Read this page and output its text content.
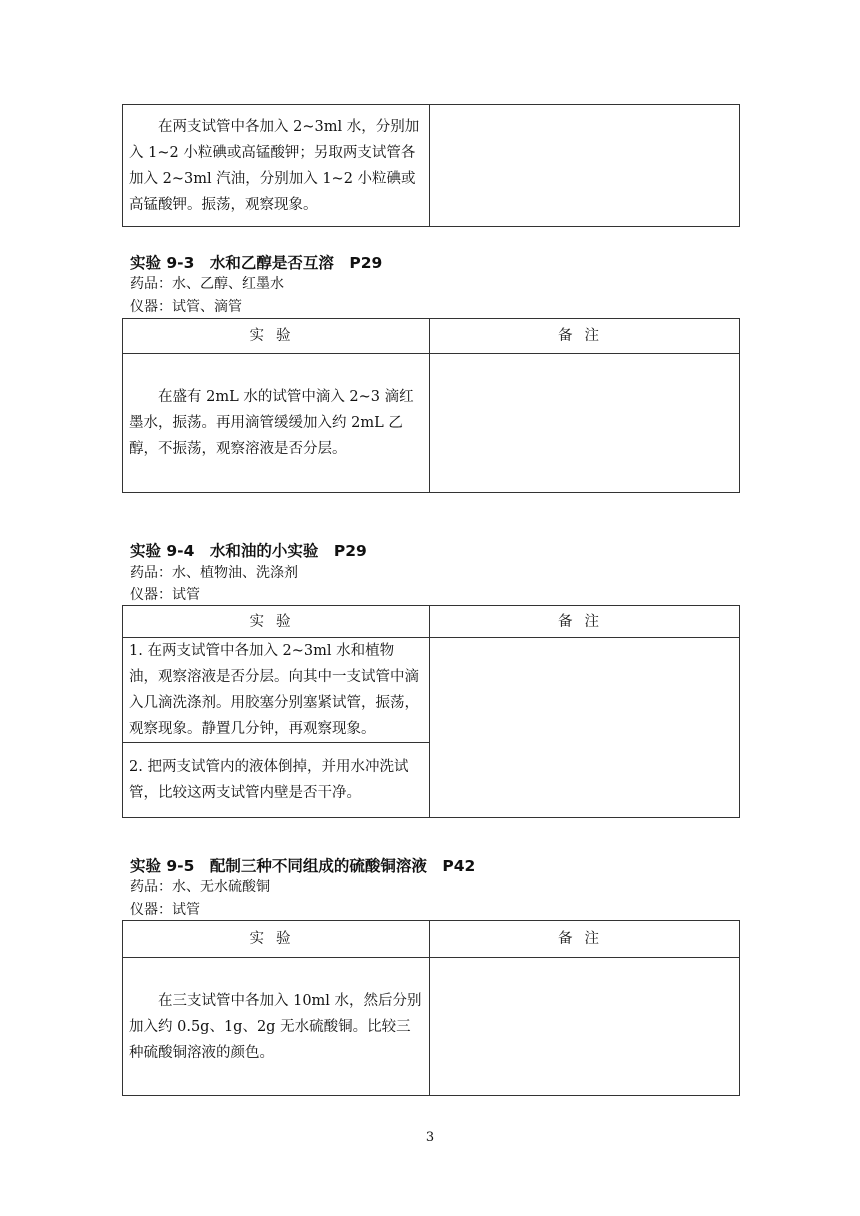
在两支试管中各加入 2~3ml 水，分别加入 1~2 小粒碘或高锰酸钾；另取两支试管各加入 2~3ml 汽油，分别加入 1~2 小粒碘或高锰酸钾。振荡，观察现象。	
实验 9-3　水和乙醇是否互溶　P29
药品：水、乙醇、红墨水
仪器：试管、滴管
实验	备注
在盛有 2mL 水的试管中滴入 2~3 滴红墨水，振荡。再用滴管缓缓加入约 2mL 乙醇，不振荡，观察溶液是否分层。	
实验 9-4　水和油的小实验　P29
药品：水、植物油、洗涤剂
仪器：试管
实验	备注
1. 在两支试管中各加入 2~3ml 水和植物油，观察溶液是否分层。向其中一支试管中滴入几滴洗涤剂。用胶塞分别塞紧试管，振荡，观察现象。静置几分钟，再观察现象。	
2. 把两支试管内的液体倒掉，并用水冲洗试管，比较这两支试管内壁是否干净。	
实验 9-5　配制三种不同组成的硫酸铜溶液　P42
药品：水、无水硫酸铜
仪器：试管
实验	备注
在三支试管中各加入 10ml 水，然后分别加入约 0.5g、1g、2g 无水硫酸铜。比较三种硫酸铜溶液的颜色。	
3
